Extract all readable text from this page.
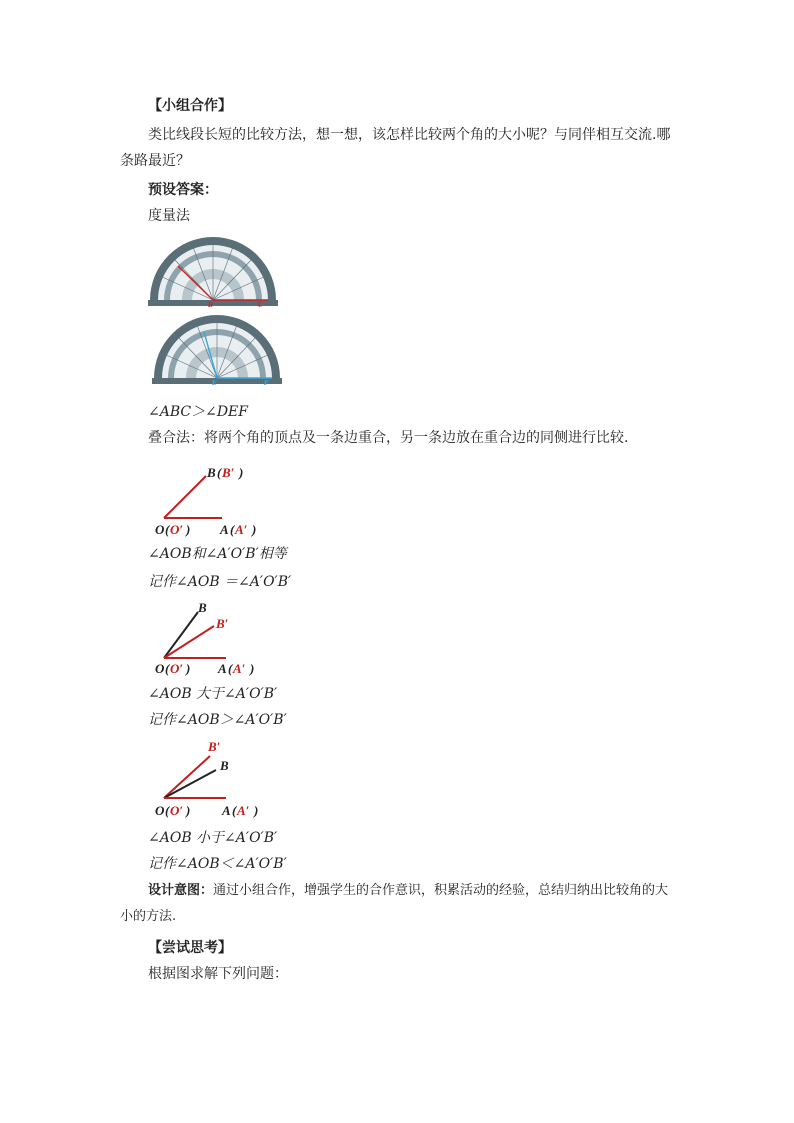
【小组合作】
类比线段长短的比较方法，想一想，该怎样比较两个角的大小呢？与同伴相互交流.哪条路最近？
预设答案：
度量法
B	C
E	F
∠ABC＞∠DEF
叠合法：将两个角的顶点及一条边重合，另一条边放在重合边的同侧进行比较.
B ( B′ )
O ( O′ ) A ( A′ )
∠AOB和∠A′O′B′相等
记作∠AOB ＝∠A′O′B′
B
B′
O ( O′ ) A ( A′ )
∠AOB 大于∠A′O′B′
记作∠AOB＞∠A′O′B′
B′
B
O ( O′ ) A ( A′ )
∠AOB 小于∠A′O′B′
记作∠AOB＜∠A′O′B′
设计意图：通过小组合作，增强学生的合作意识，积累活动的经验，总结归纳出比较角的大小的方法.
【尝试思考】
根据图求解下列问题：
